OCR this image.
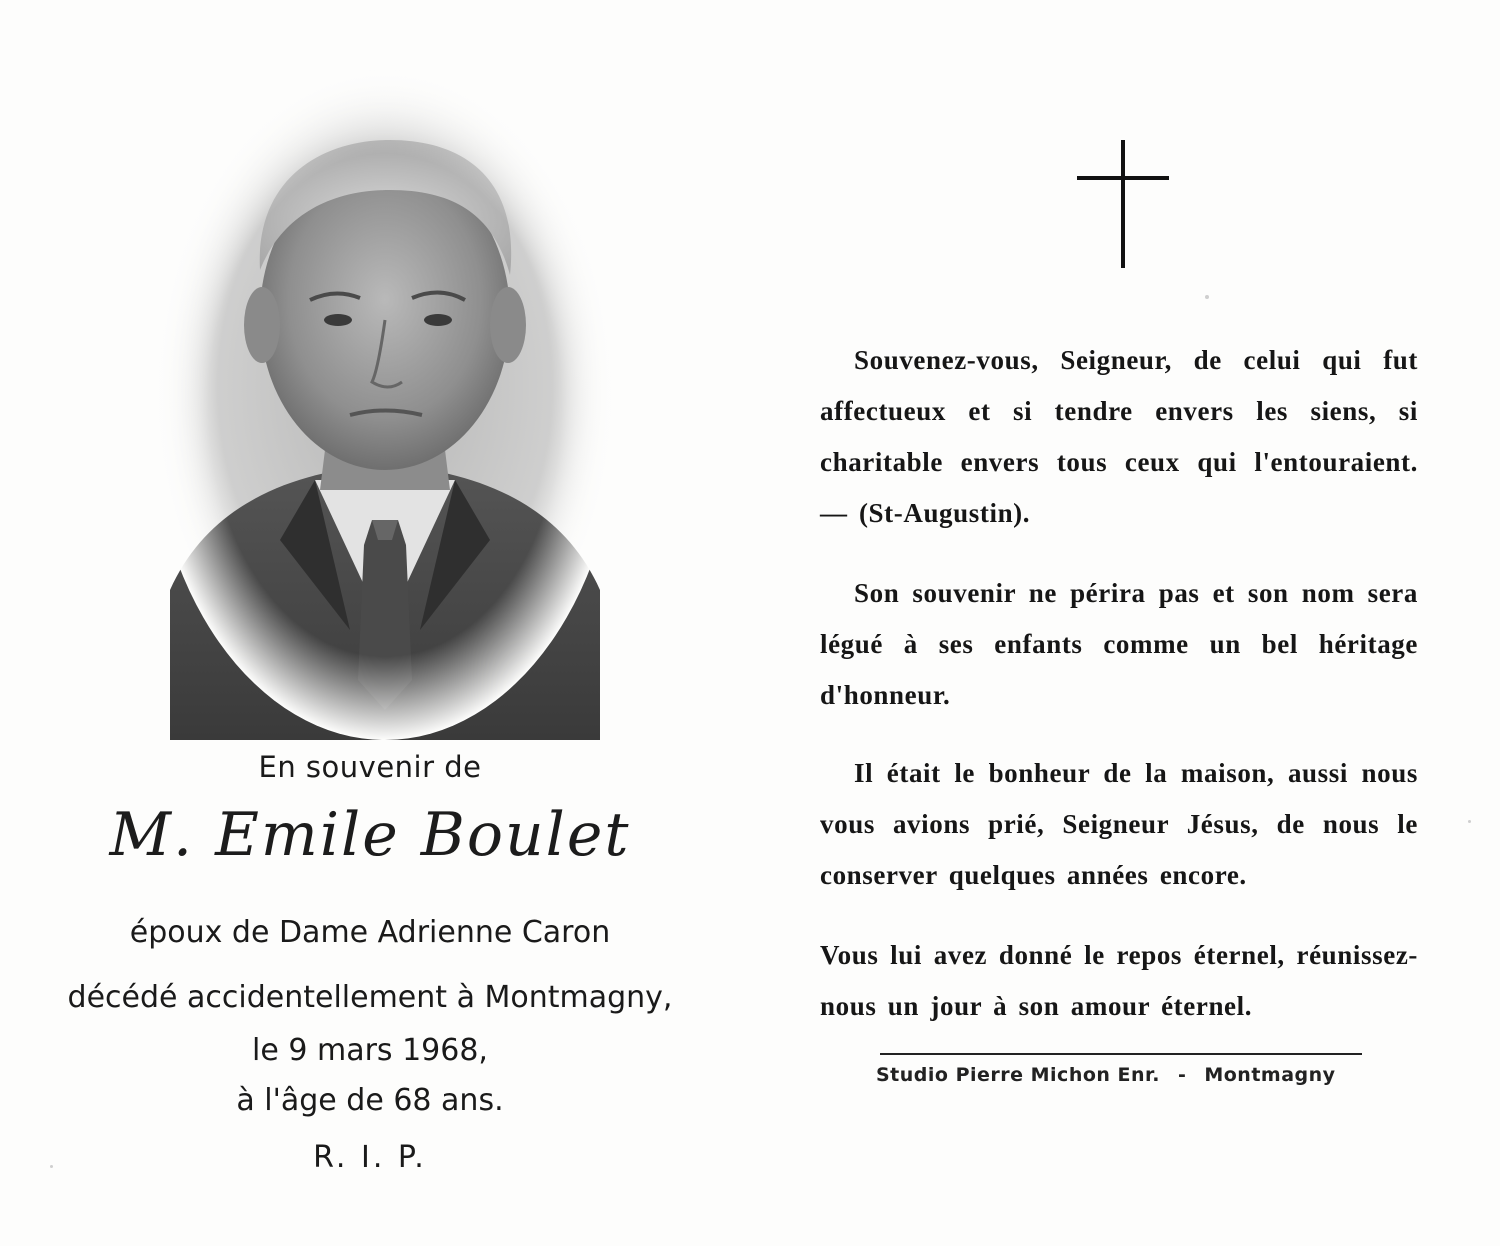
En souvenir de
M. Emile Boulet
époux de Dame Adrienne Caron
décédé accidentellement à Montmagny,
le 9 mars 1968,
à l'âge de 68 ans.
R. I. P.
Souvenez-vous, Seigneur, de celui qui fut affectueux et si tendre envers les siens, si charitable envers tous ceux qui l'entouraient. — (St-Augustin).
Son souvenir ne périra pas et son nom sera légué à ses enfants comme un bel héritage d'honneur.
Il était le bonheur de la maison, aussi nous vous avions prié, Seigneur Jésus, de nous le conserver quelques années encore.
Vous lui avez donné le repos éternel, réunissez-nous un jour à son amour éternel.
Studio Pierre Michon Enr. - Montmagny
